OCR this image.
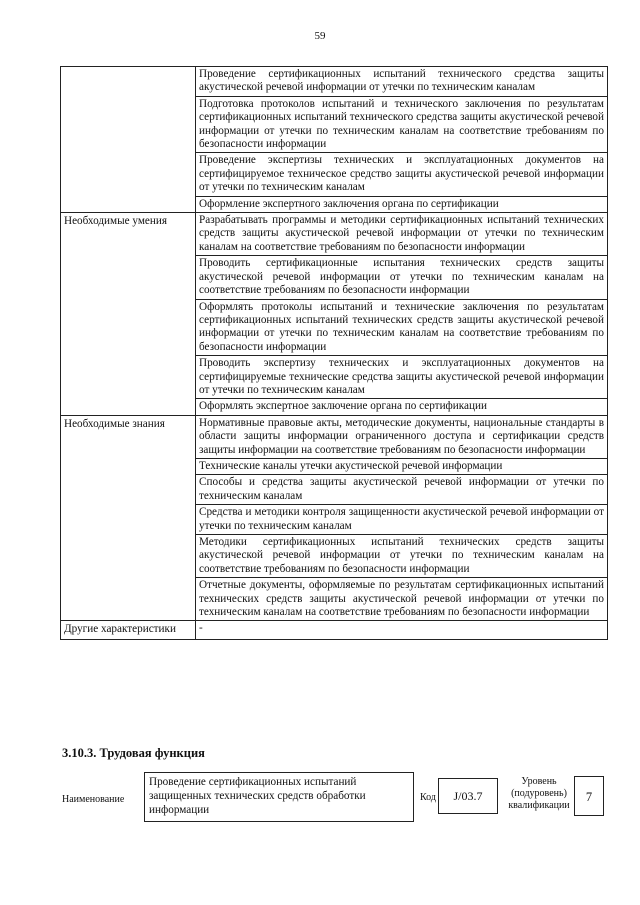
59
	Проведение сертификационных испытаний технического средства защиты акустической речевой информации от утечки по техническим каналам
	Подготовка протоколов испытаний и технического заключения по результатам сертификационных испытаний технического средства защиты акустической речевой информации от утечки по техническим каналам на соответствие требованиям по безопасности информации
	Проведение экспертизы технических и эксплуатационных документов на сертифицируемое техническое средство защиты акустической речевой информации от утечки по техническим каналам
	Оформление экспертного заключения органа по сертификации
Необходимые умения	Разрабатывать программы и методики сертификационных испытаний технических средств защиты акустической речевой информации от утечки по техническим каналам на соответствие требованиям по безопасности информации
	Проводить сертификационные испытания технических средств защиты акустической речевой информации от утечки по техническим каналам на соответствие требованиям по безопасности информации
	Оформлять протоколы испытаний и технические заключения по результатам сертификационных испытаний технических средств защиты акустической речевой информации от утечки по техническим каналам на соответствие требованиям по безопасности информации
	Проводить экспертизу технических и эксплуатационных документов на сертифицируемые технические средства защиты акустической речевой информации от утечки по техническим каналам
	Оформлять экспертное заключение органа по сертификации
Необходимые знания	Нормативные правовые акты, методические документы, национальные стандарты в области защиты информации ограниченного доступа и сертификации средств защиты информации на соответствие требованиям по безопасности информации
	Технические каналы утечки акустической речевой информации
	Способы и средства защиты акустической речевой информации от утечки по техническим каналам
	Средства и методики контроля защищенности акустической речевой информации от утечки по техническим каналам
	Методики сертификационных испытаний технических средств защиты акустической речевой информации от утечки по техническим каналам на соответствие требованиям по безопасности информации
	Отчетные документы, оформляемые по результатам сертификационных испытаний технических средств защиты акустической речевой информации от утечки по техническим каналам на соответствие требованиям по безопасности информации
Другие характеристики	-
3.10.3. Трудовая функция
Наименование
Проведение сертификационных испытаний защищенных технических средств обработки информации
Код	J/03.7
Уровень (подуровень) квалификации
7
